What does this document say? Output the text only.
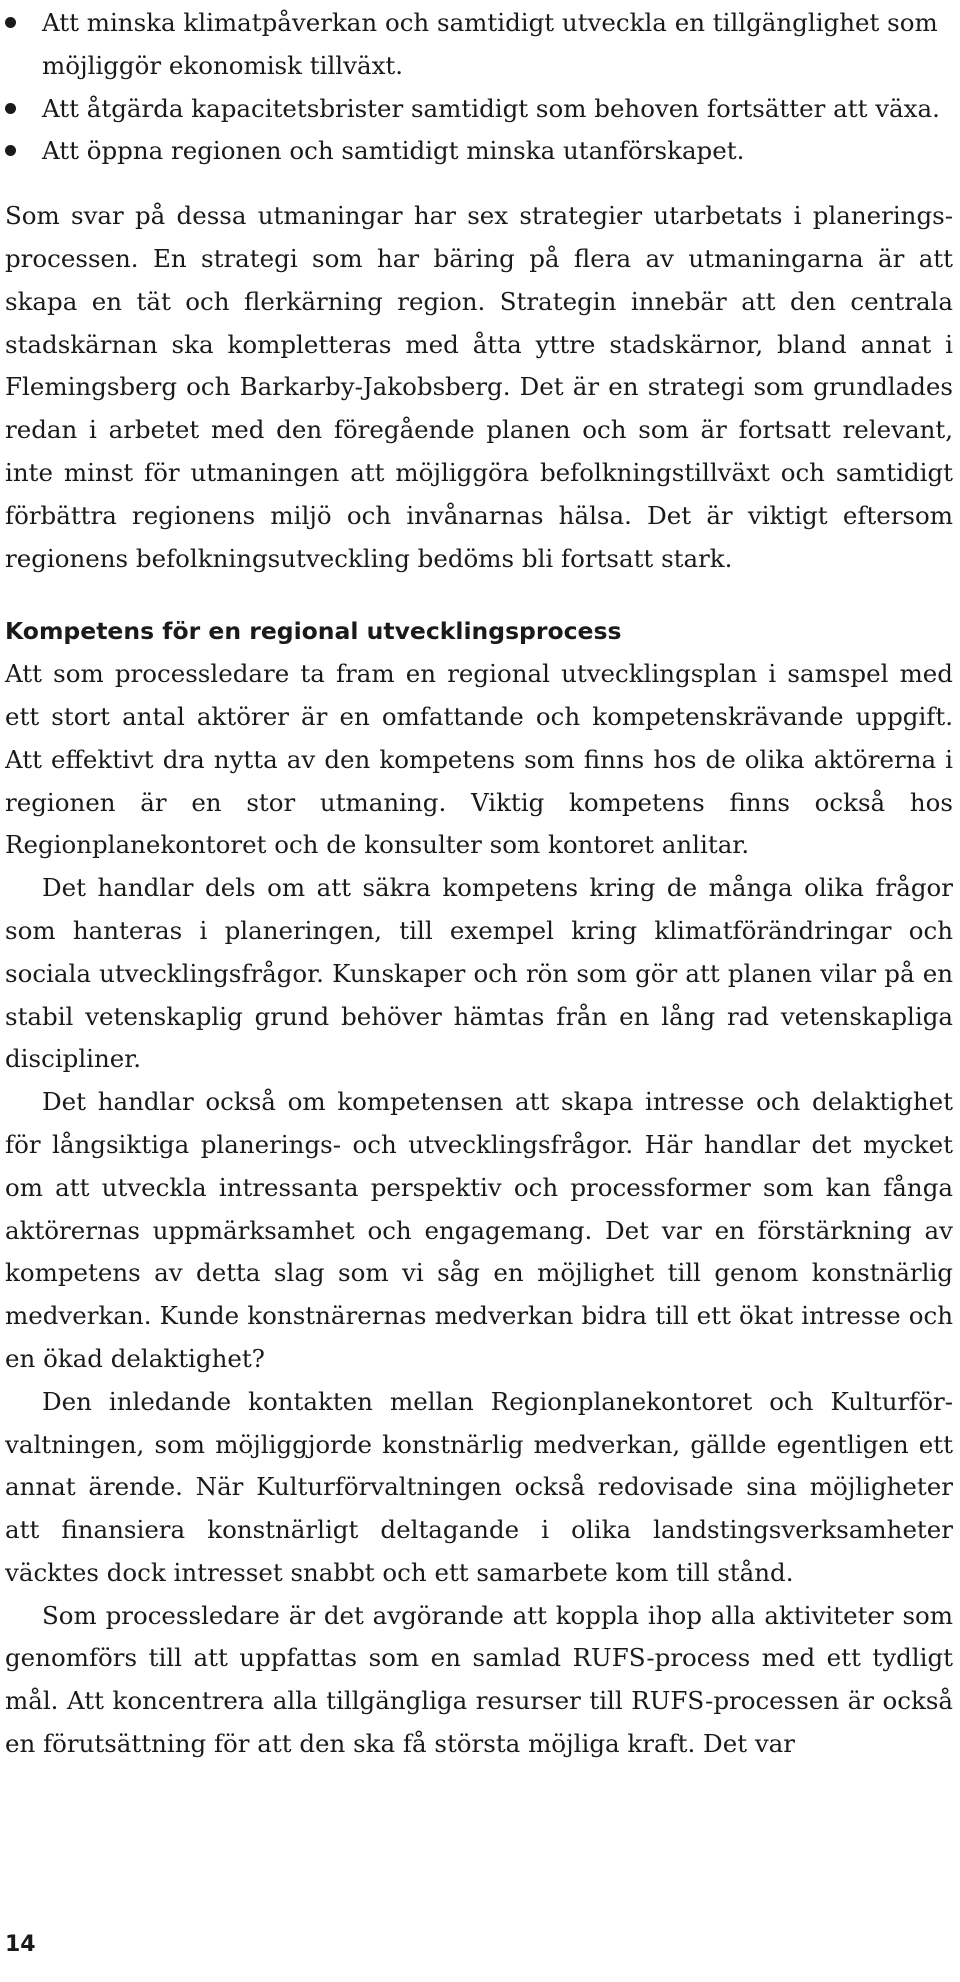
Att minska klimatpåverkan och samtidigt utveckla en tillgänglighet som möjliggör ekonomisk tillväxt.
Att åtgärda kapacitetsbrister samtidigt som behoven fortsätter att växa.
Att öppna regionen och samtidigt minska utanförskapet.

Som svar på dessa utmaningar har sex strategier utarbetats i planeringsprocessen. En strategi som har bäring på flera av utmaningarna är att skapa en tät och flerkärning region. Strategin innebär att den centrala stadskärnan ska kompletteras med åtta yttre stadskärnor, bland annat i Flemingsberg och Barkarby-Jakobsberg. Det är en strategi som grundlades redan i arbetet med den föregående planen och som är fortsatt relevant, inte minst för utmaningen att möjliggöra befolkningstillväxt och samtidigt förbättra regionens miljö och invånarnas hälsa. Det är viktigt eftersom regionens befolkningsutveckling bedöms bli fortsatt stark.

Kompetens för en regional utvecklingsprocess

Att som processledare ta fram en regional utvecklingsplan i samspel med ett stort antal aktörer är en omfattande och kompetenskrävande uppgift. Att effektivt dra nytta av den kompetens som finns hos de olika aktörerna i regionen är en stor utmaning. Viktig kompetens finns också hos Regionplanekontoret och de konsulter som kontoret anlitar.

Det handlar dels om att säkra kompetens kring de många olika frågor som hanteras i planeringen, till exempel kring klimatförändringar och sociala utvecklingsfrågor. Kunskaper och rön som gör att planen vilar på en stabil vetenskaplig grund behöver hämtas från en lång rad vetenskapliga discipliner.

Det handlar också om kompetensen att skapa intresse och delaktighet för långsiktiga planerings- och utvecklingsfrågor. Här handlar det mycket om att utveckla intressanta perspektiv och processformer som kan fånga aktörernas uppmärksamhet och engagemang. Det var en förstärkning av kompetens av detta slag som vi såg en möjlighet till genom konstnärlig medverkan. Kunde konstnärernas medverkan bidra till ett ökat intresse och en ökad delaktighet?

Den inledande kontakten mellan Regionplanekontoret och Kulturförvaltningen, som möjliggjorde konstnärlig medverkan, gällde egentligen ett annat ärende. När Kulturförvaltningen också redovisade sina möjligheter att finansiera konstnärligt deltagande i olika landstingsverksamheter väcktes dock intresset snabbt och ett samarbete kom till stånd.

Som processledare är det avgörande att koppla ihop alla aktiviteter som genomförs till att uppfattas som en samlad RUFS-process med ett tydligt mål. Att koncentrera alla tillgängliga resurser till RUFS-processen är också en förutsättning för att den ska få största möjliga kraft. Det var

14
